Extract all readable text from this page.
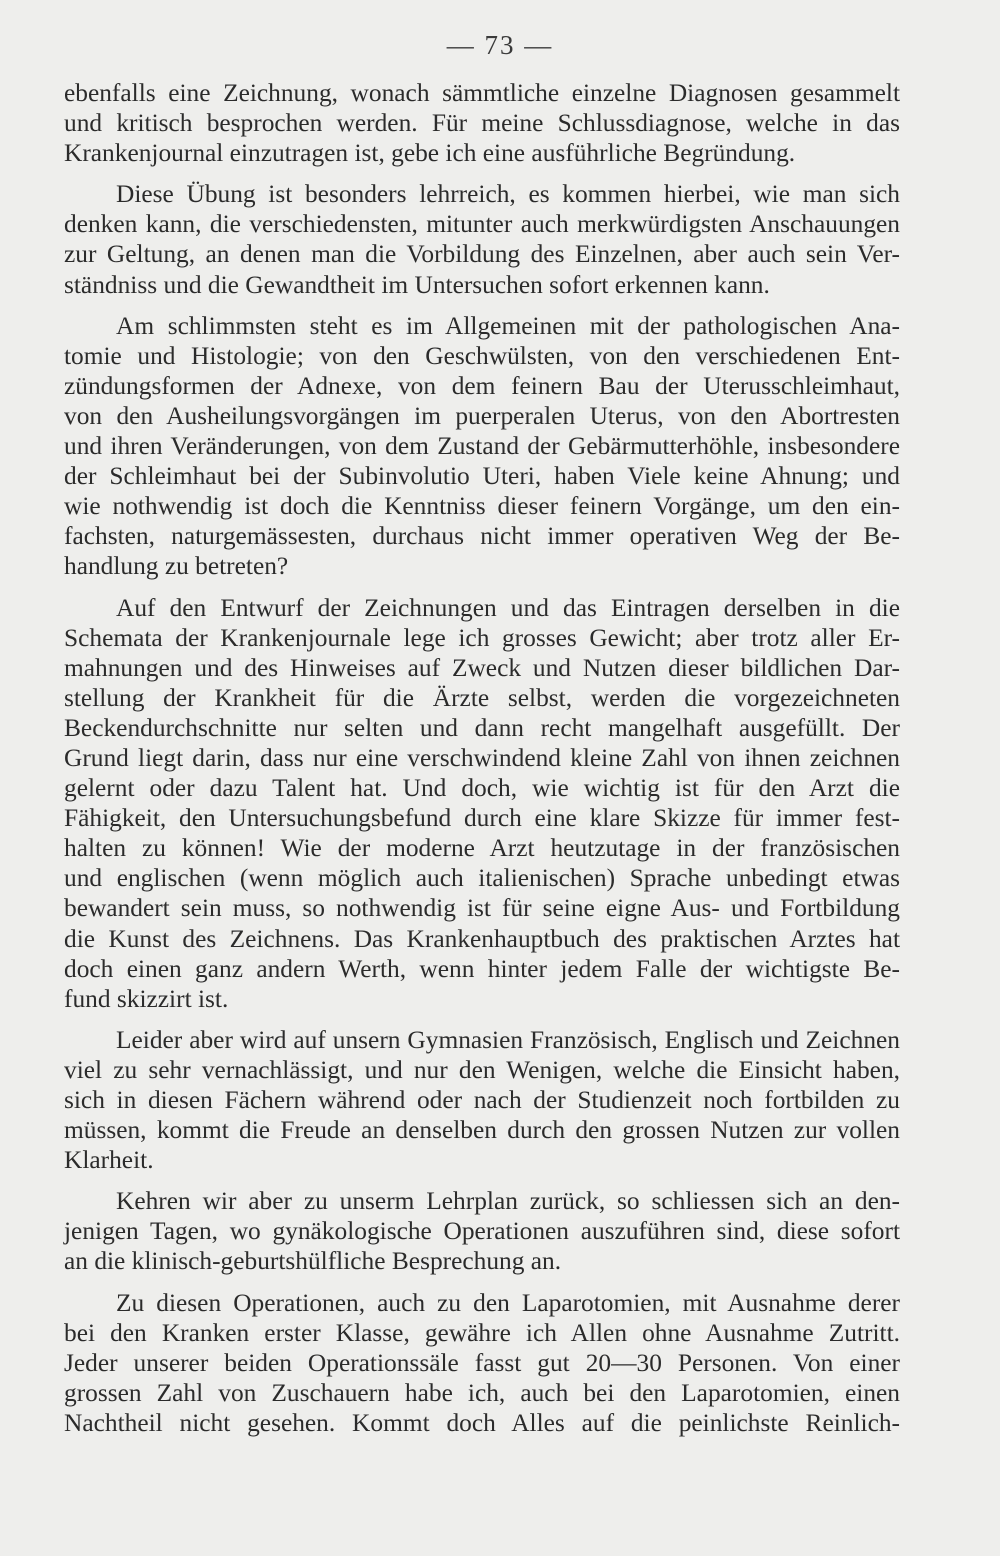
— 73 —
ebenfalls eine Zeichnung, wonach sämmtliche einzelne Diagnosen gesammelt
und kritisch besprochen werden. Für meine Schlussdiagnose, welche in das
Krankenjournal einzutragen ist, gebe ich eine ausführliche Begründung.
Diese Übung ist besonders lehrreich, es kommen hierbei, wie man sich
denken kann, die verschiedensten, mitunter auch merkwürdigsten Anschauungen
zur Geltung, an denen man die Vorbildung des Einzelnen, aber auch sein Ver-
ständniss und die Gewandtheit im Untersuchen sofort erkennen kann.
Am schlimmsten steht es im Allgemeinen mit der pathologischen Ana-
tomie und Histologie; von den Geschwülsten, von den verschiedenen Ent-
zündungsformen der Adnexe, von dem feinern Bau der Uterusschleimhaut,
von den Ausheilungsvorgängen im puerperalen Uterus, von den Abortresten
und ihren Veränderungen, von dem Zustand der Gebärmutterhöhle, insbesondere
der Schleimhaut bei der Subinvolutio Uteri, haben Viele keine Ahnung; und
wie nothwendig ist doch die Kenntniss dieser feinern Vorgänge, um den ein-
fachsten, naturgemässesten, durchaus nicht immer operativen Weg der Be-
handlung zu betreten?
Auf den Entwurf der Zeichnungen und das Eintragen derselben in die
Schemata der Krankenjournale lege ich grosses Gewicht; aber trotz aller Er-
mahnungen und des Hinweises auf Zweck und Nutzen dieser bildlichen Dar-
stellung der Krankheit für die Ärzte selbst, werden die vorgezeichneten
Beckendurchschnitte nur selten und dann recht mangelhaft ausgefüllt. Der
Grund liegt darin, dass nur eine verschwindend kleine Zahl von ihnen zeichnen
gelernt oder dazu Talent hat. Und doch, wie wichtig ist für den Arzt die
Fähigkeit, den Untersuchungsbefund durch eine klare Skizze für immer fest-
halten zu können! Wie der moderne Arzt heutzutage in der französischen
und englischen (wenn möglich auch italienischen) Sprache unbedingt etwas
bewandert sein muss, so nothwendig ist für seine eigne Aus- und Fortbildung
die Kunst des Zeichnens. Das Krankenhauptbuch des praktischen Arztes hat
doch einen ganz andern Werth, wenn hinter jedem Falle der wichtigste Be-
fund skizzirt ist.
Leider aber wird auf unsern Gymnasien Französisch, Englisch und Zeichnen
viel zu sehr vernachlässigt, und nur den Wenigen, welche die Einsicht haben,
sich in diesen Fächern während oder nach der Studienzeit noch fortbilden zu
müssen, kommt die Freude an denselben durch den grossen Nutzen zur vollen
Klarheit.
Kehren wir aber zu unserm Lehrplan zurück, so schliessen sich an den-
jenigen Tagen, wo gynäkologische Operationen auszuführen sind, diese sofort
an die klinisch-geburtshülfliche Besprechung an.
Zu diesen Operationen, auch zu den Laparotomien, mit Ausnahme derer
bei den Kranken erster Klasse, gewähre ich Allen ohne Ausnahme Zutritt.
Jeder unserer beiden Operationssäle fasst gut 20—30 Personen. Von einer
grossen Zahl von Zuschauern habe ich, auch bei den Laparotomien, einen
Nachtheil nicht gesehen. Kommt doch Alles auf die peinlichste Reinlich-
